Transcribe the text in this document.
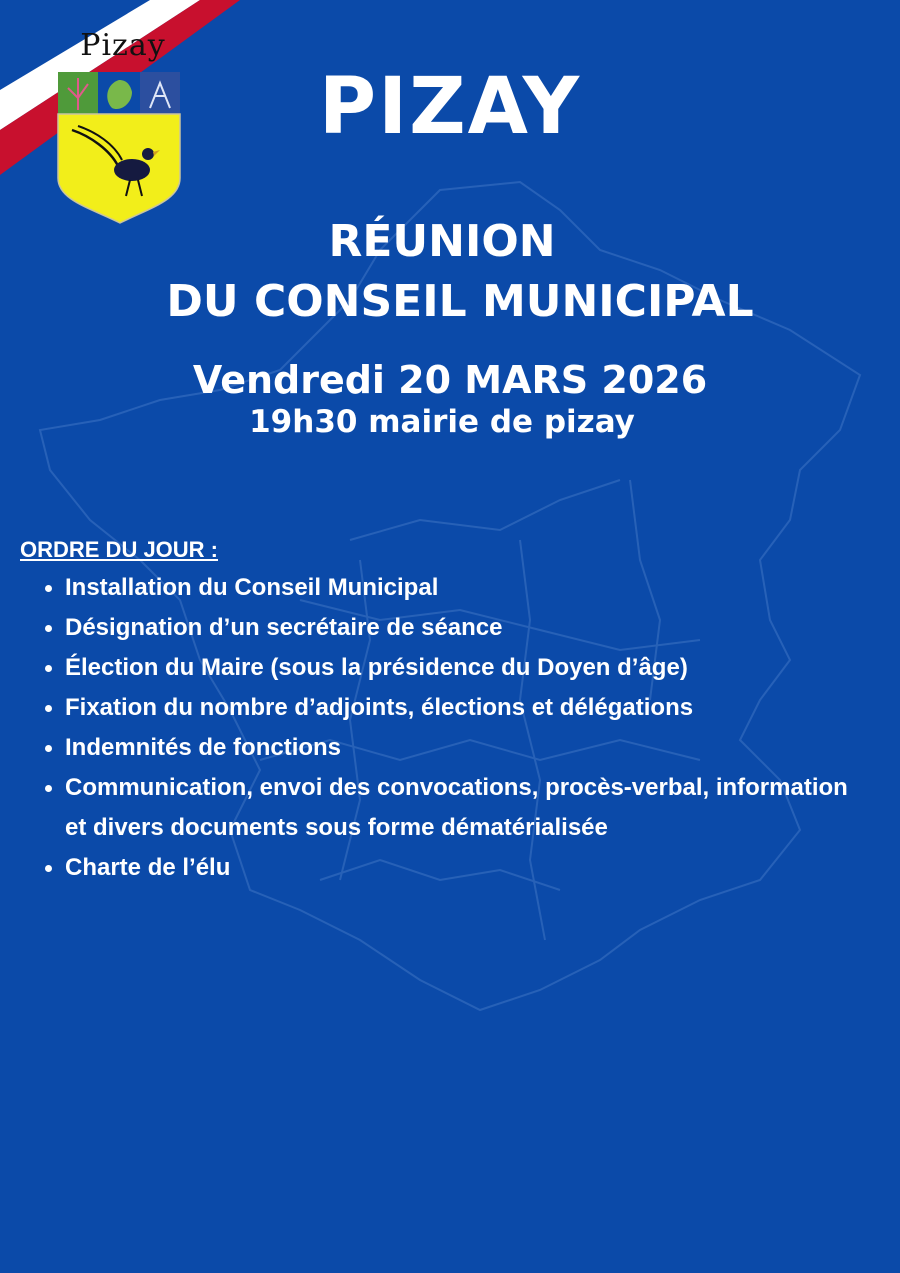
Pizay
PIZAY
RÉUNION
DU CONSEIL MUNICIPAL
Vendredi 20 MARS 2026
19h30 mairie de pizay
ORDRE DU JOUR :
Installation du Conseil Municipal
Désignation d’un secrétaire de séance
Élection du Maire (sous la présidence du Doyen d’âge)
Fixation du nombre d’adjoints, élections et délégations
Indemnités de fonctions
Communication, envoi des convocations, procès-verbal, information et divers documents sous forme dématérialisée
Charte de l’élu
